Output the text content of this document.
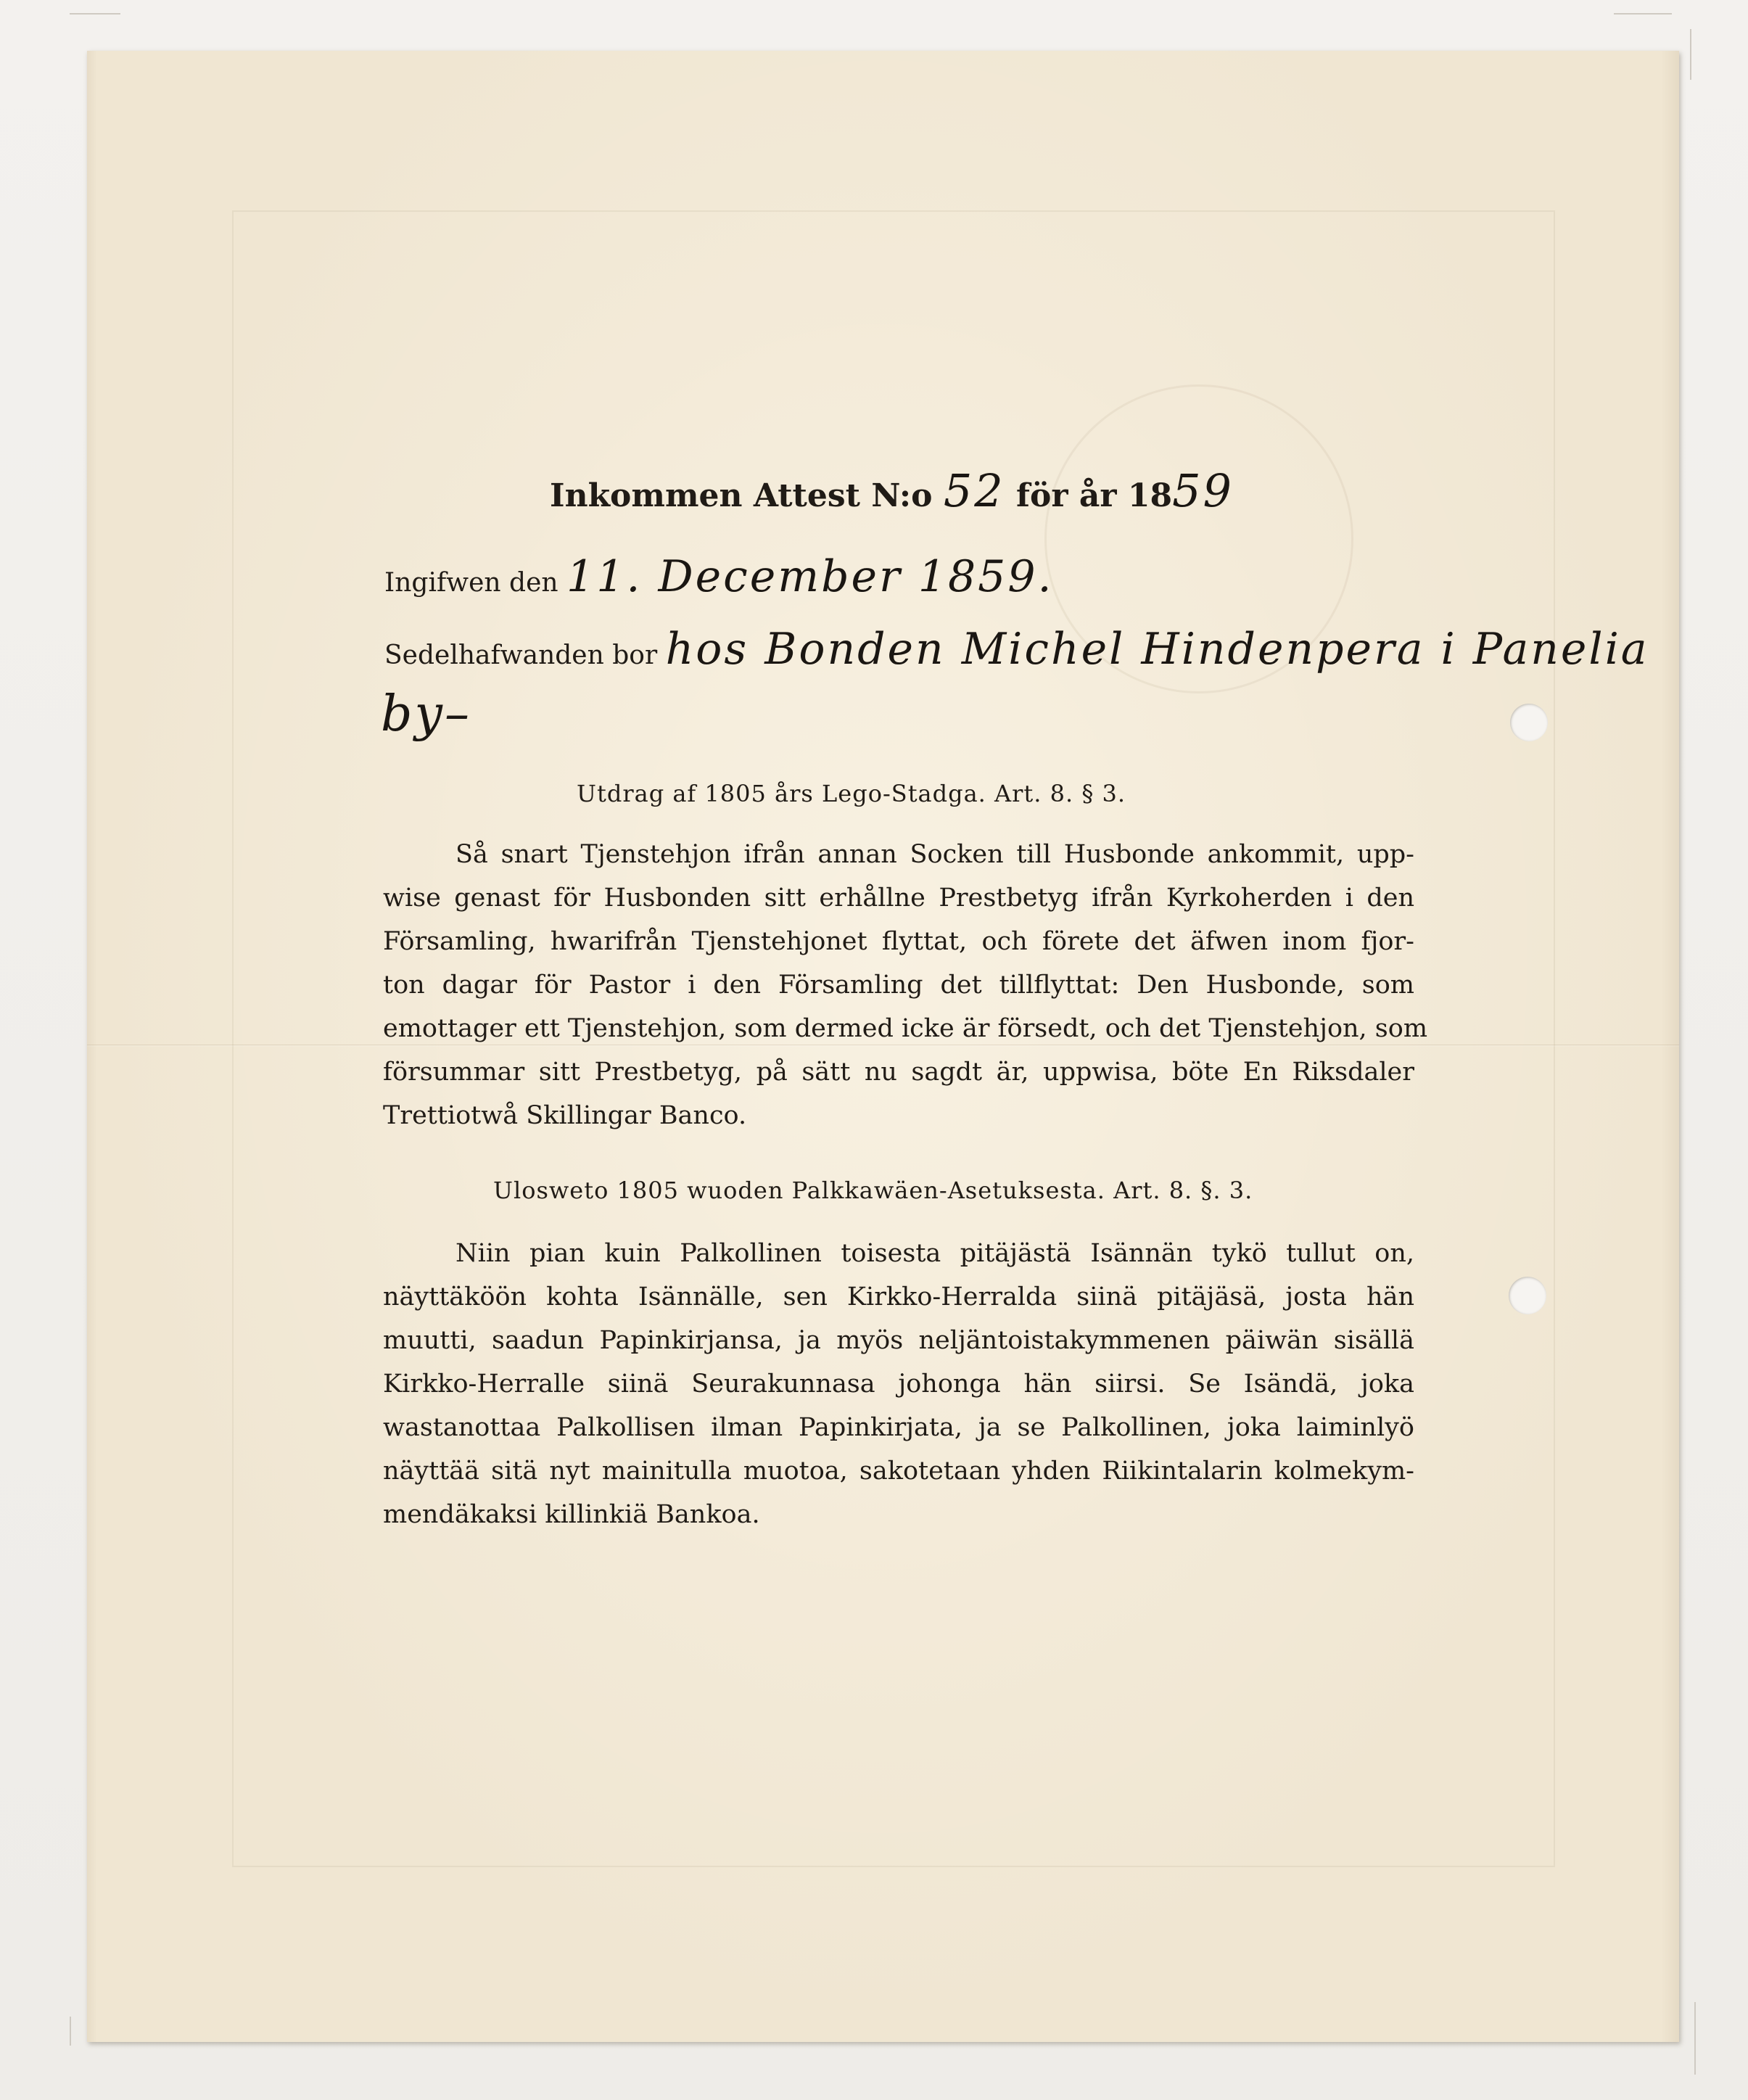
Inkommen Attest N:o 52 för år 1859
Ingifwen den 11. December 1859.
Sedelhafwanden bor hos Bonden Michel Hindenpera i Panelia
by–
Utdrag af 1805 års Lego-Stadga. Art. 8. § 3.
Så snart Tjenstehjon ifrån annan Socken till Husbonde ankommit, upp-
wise genast för Husbonden sitt erhållne Prestbetyg ifrån Kyrkoherden i den
Församling, hwarifrån Tjenstehjonet flyttat, och förete det äfwen inom fjor-
ton dagar för Pastor i den Församling det tillflyttat: Den Husbonde, som
emottager ett Tjenstehjon, som dermed icke är försedt, och det Tjenstehjon, som
försummar sitt Prestbetyg, på sätt nu sagdt är, uppwisa, böte En Riksdaler
Trettiotwå Skillingar Banco.
Ulosweto 1805 wuoden Palkkawäen-Asetuksesta. Art. 8. §. 3.
Niin pian kuin Palkollinen toisesta pitäjästä Isännän tykö tullut on,
näyttäköön kohta Isännälle, sen Kirkko-Herralda siinä pitäjäsä, josta hän
muutti, saadun Papinkirjansa, ja myös neljäntoistakymmenen päiwän sisällä
Kirkko-Herralle siinä Seurakunnasa johonga hän siirsi. Se Isändä, joka
wastanottaa Palkollisen ilman Papinkirjata, ja se Palkollinen, joka laiminlyö
näyttää sitä nyt mainitulla muotoa, sakotetaan yhden Riikintalarin kolmekym-
mendäkaksi killinkiä Bankoa.
